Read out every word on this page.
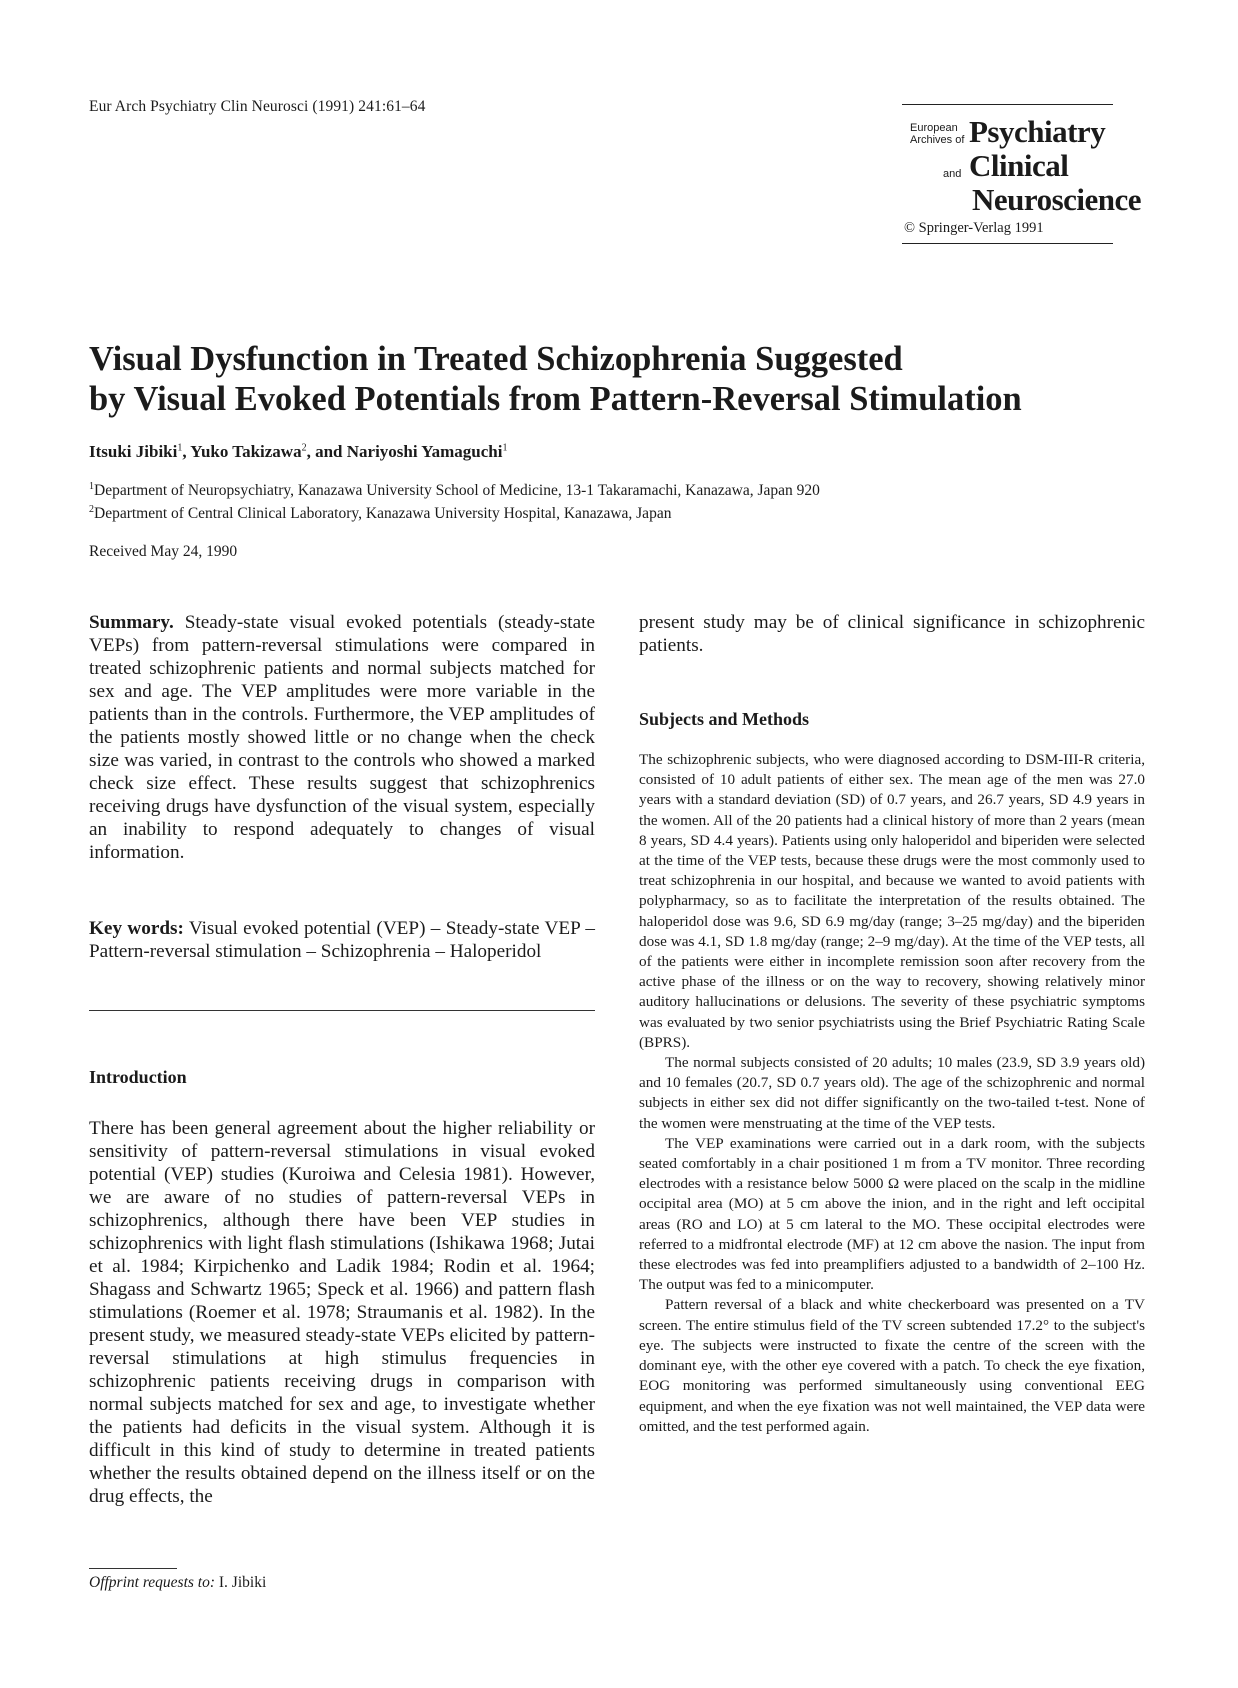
Eur Arch Psychiatry Clin Neurosci (1991) 241:61–64
European
Archives of Psychiatry
and Clinical
Neuroscience
© Springer-Verlag 1991
Visual Dysfunction in Treated Schizophrenia Suggested
by Visual Evoked Potentials from Pattern-Reversal Stimulation
Itsuki Jibiki$^1$, Yuko Takizawa$^2$, and Nariyoshi Yamaguchi$^1$
$^1$Department of Neuropsychiatry, Kanazawa University School of Medicine, 13-1 Takaramachi, Kanazawa, Japan 920
$^2$Department of Central Clinical Laboratory, Kanazawa University Hospital, Kanazawa, Japan
Received May 24, 1990
Summary. Steady-state visual evoked potentials (steady-state VEPs) from pattern-reversal stimulations were compared in treated schizophrenic patients and normal subjects matched for sex and age. The VEP amplitudes were more variable in the patients than in the controls. Furthermore, the VEP amplitudes of the patients mostly showed little or no change when the check size was varied, in contrast to the controls who showed a marked check size effect. These results suggest that schizophrenics receiving drugs have dysfunction of the visual system, especially an inability to respond adequately to changes of visual information.
Key words: Visual evoked potential (VEP) – Steady-state VEP – Pattern-reversal stimulation – Schizophrenia – Haloperidol
Introduction
There has been general agreement about the higher reliability or sensitivity of pattern-reversal stimulations in visual evoked potential (VEP) studies (Kuroiwa and Celesia 1981). However, we are aware of no studies of pattern-reversal VEPs in schizophrenics, although there have been VEP studies in schizophrenics with light flash stimulations (Ishikawa 1968; Jutai et al. 1984; Kirpichenko and Ladik 1984; Rodin et al. 1964; Shagass and Schwartz 1965; Speck et al. 1966) and pattern flash stimulations (Roemer et al. 1978; Straumanis et al. 1982). In the present study, we measured steady-state VEPs elicited by pattern-reversal stimulations at high stimulus frequencies in schizophrenic patients receiving drugs in comparison with normal subjects matched for sex and age, to investigate whether the patients had deficits in the visual system. Although it is difficult in this kind of study to determine in treated patients whether the results obtained depend on the illness itself or on the drug effects, the
Offprint requests to: I. Jibiki
present study may be of clinical significance in schizophrenic patients.
Subjects and Methods

The schizophrenic subjects, who were diagnosed according to DSM-III-R criteria, consisted of 10 adult patients of either sex. The mean age of the men was 27.0 years with a standard deviation (SD) of 0.7 years, and 26.7 years, SD 4.9 years in the women. All of the 20 patients had a clinical history of more than 2 years (mean 8 years, SD 4.4 years). Patients using only haloperidol and biperiden were selected at the time of the VEP tests, because these drugs were the most commonly used to treat schizophrenia in our hospital, and because we wanted to avoid patients with polypharmacy, so as to facilitate the interpretation of the results obtained. The haloperidol dose was 9.6, SD 6.9 mg/day (range; 3–25 mg/day) and the biperiden dose was 4.1, SD 1.8 mg/day (range; 2–9 mg/day). At the time of the VEP tests, all of the patients were either in incomplete remission soon after recovery from the active phase of the illness or on the way to recovery, showing relatively minor auditory hallucinations or delusions. The severity of these psychiatric symptoms was evaluated by two senior psychiatrists using the Brief Psychiatric Rating Scale (BPRS).

The normal subjects consisted of 20 adults; 10 males (23.9, SD 3.9 years old) and 10 females (20.7, SD 0.7 years old). The age of the schizophrenic and normal subjects in either sex did not differ significantly on the two-tailed t-test. None of the women were menstruating at the time of the VEP tests.

The VEP examinations were carried out in a dark room, with the subjects seated comfortably in a chair positioned 1 m from a TV monitor. Three recording electrodes with a resistance below 5000 Ω were placed on the scalp in the midline occipital area (MO) at 5 cm above the inion, and in the right and left occipital areas (RO and LO) at 5 cm lateral to the MO. These occipital electrodes were referred to a midfrontal electrode (MF) at 12 cm above the nasion. The input from these electrodes was fed into preamplifiers adjusted to a bandwidth of 2–100 Hz. The output was fed to a minicomputer.

Pattern reversal of a black and white checkerboard was presented on a TV screen. The entire stimulus field of the TV screen subtended 17.2° to the subject's eye. The subjects were instructed to fixate the centre of the screen with the dominant eye, with the other eye covered with a patch. To check the eye fixation, EOG monitoring was performed simultaneously using conventional EEG equipment, and when the eye fixation was not well maintained, the VEP data were omitted, and the test performed again.
